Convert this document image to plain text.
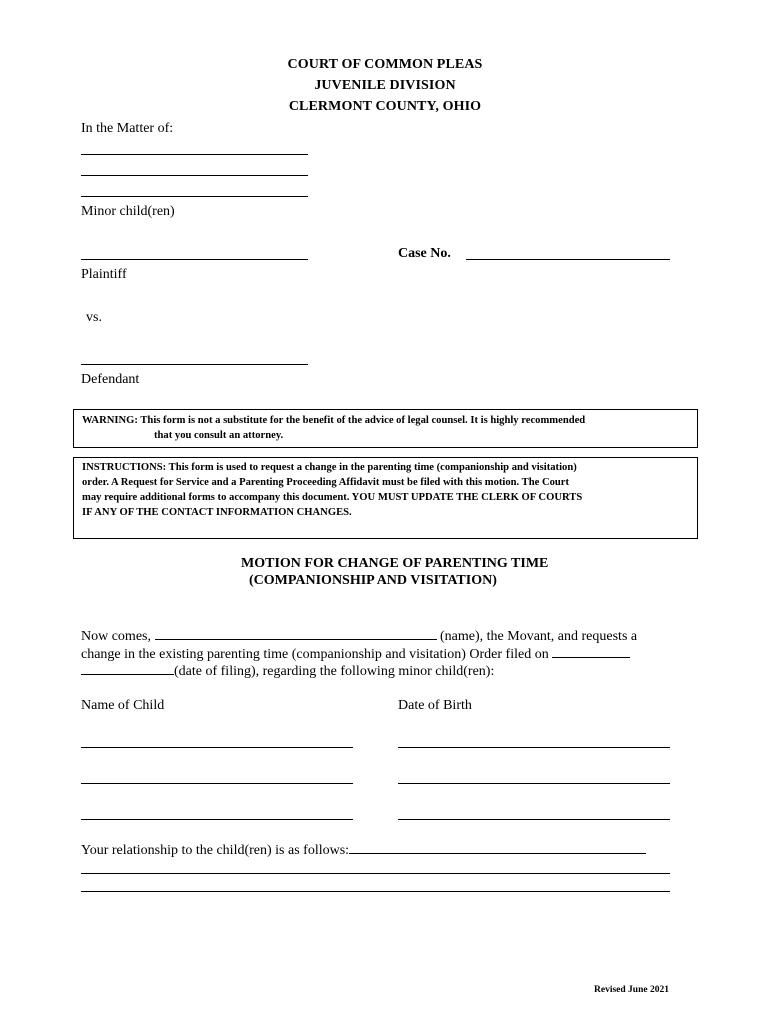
COURT OF COMMON PLEAS
JUVENILE DIVISION
CLERMONT COUNTY, OHIO
In the Matter of:
Minor child(ren)
Plaintiff
Case No.
vs.
Defendant
WARNING: This form is not a substitute for the benefit of the advice of legal counsel. It is highly recommended
that you consult an attorney.
INSTRUCTIONS: This form is used to request a change in the parenting time (companionship and visitation)
order. A Request for Service and a Parenting Proceeding Affidavit must be filed with this motion. The Court
may require additional forms to accompany this document. YOU MUST UPDATE THE CLERK OF COURTS
IF ANY OF THE CONTACT INFORMATION CHANGES.
MOTION FOR CHANGE OF PARENTING TIME
(COMPANIONSHIP AND VISITATION)
Now comes,	(name), the Movant, and requests a
change in the existing parenting time (companionship and visitation) Order filed on
(date of filing), regarding the following minor child(ren):
Name of Child	Date of Birth
Your relationship to the child(ren) is as follows:
Revised June 2021
